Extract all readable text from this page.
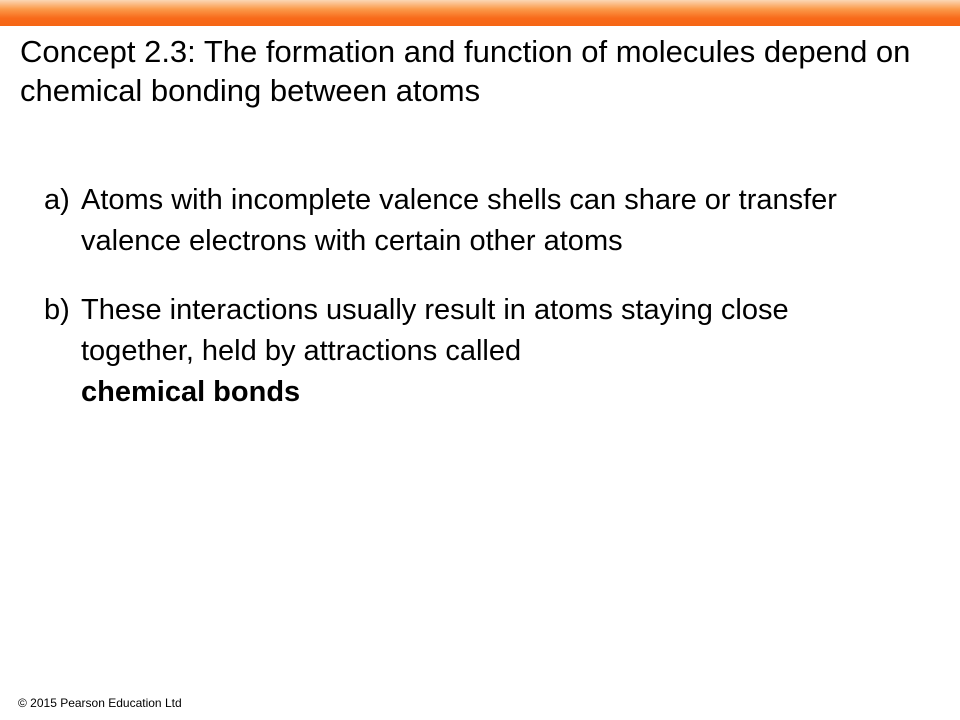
Concept 2.3: The formation and function of molecules depend on chemical bonding between atoms
a) Atoms with incomplete valence shells can share or transfer valence electrons with certain other atoms
b) These interactions usually result in atoms staying close together, held by attractions called
chemical bonds
© 2015 Pearson Education Ltd
